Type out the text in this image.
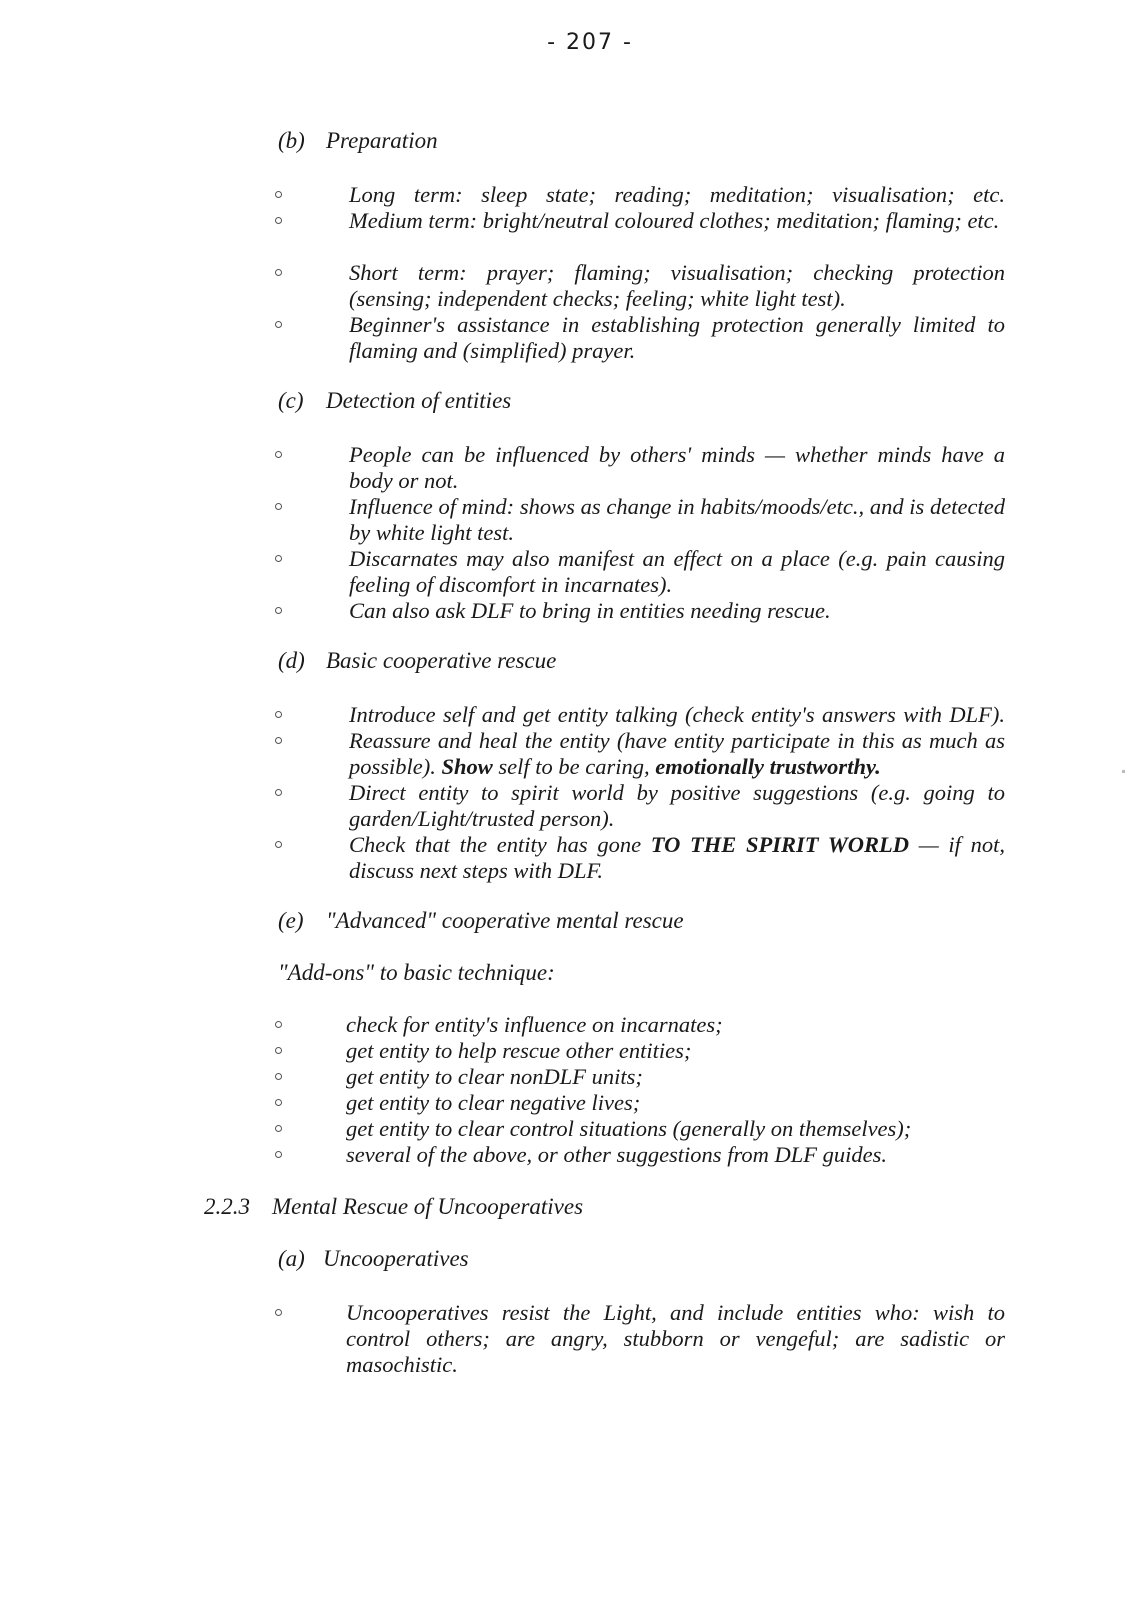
- 207 -
(b) Preparation
Long term: sleep state; reading; meditation; visualisation; etc.
Medium term: bright/neutral coloured clothes; meditation; flaming; etc.
Short term: prayer; flaming; visualisation; checking protection (sensing; independent checks; feeling; white light test).
Beginner's assistance in establishing protection generally limited to flaming and (simplified) prayer.
(c) Detection of entities
People can be influenced by others' minds — whether minds have a body or not.
Influence of mind: shows as change in habits/moods/etc., and is detected by white light test.
Discarnates may also manifest an effect on a place (e.g. pain causing feeling of discomfort in incarnates).
Can also ask DLF to bring in entities needing rescue.
(d) Basic cooperative rescue
Introduce self and get entity talking (check entity's answers with DLF).
Reassure and heal the entity (have entity participate in this as much as possible). Show self to be caring, emotionally trustworthy.
Direct entity to spirit world by positive suggestions (e.g. going to garden/Light/trusted person).
Check that the entity has gone TO THE SPIRIT WORLD — if not, discuss next steps with DLF.
(e) "Advanced" cooperative mental rescue
"Add-ons" to basic technique:
check for entity's influence on incarnates;
get entity to help rescue other entities;
get entity to clear nonDLF units;
get entity to clear negative lives;
get entity to clear control situations (generally on themselves);
several of the above, or other suggestions from DLF guides.
2.2.3 Mental Rescue of Uncooperatives
(a) Uncooperatives
Uncooperatives resist the Light, and include entities who: wish to control others; are angry, stubborn or vengeful; are sadistic or masochistic.
